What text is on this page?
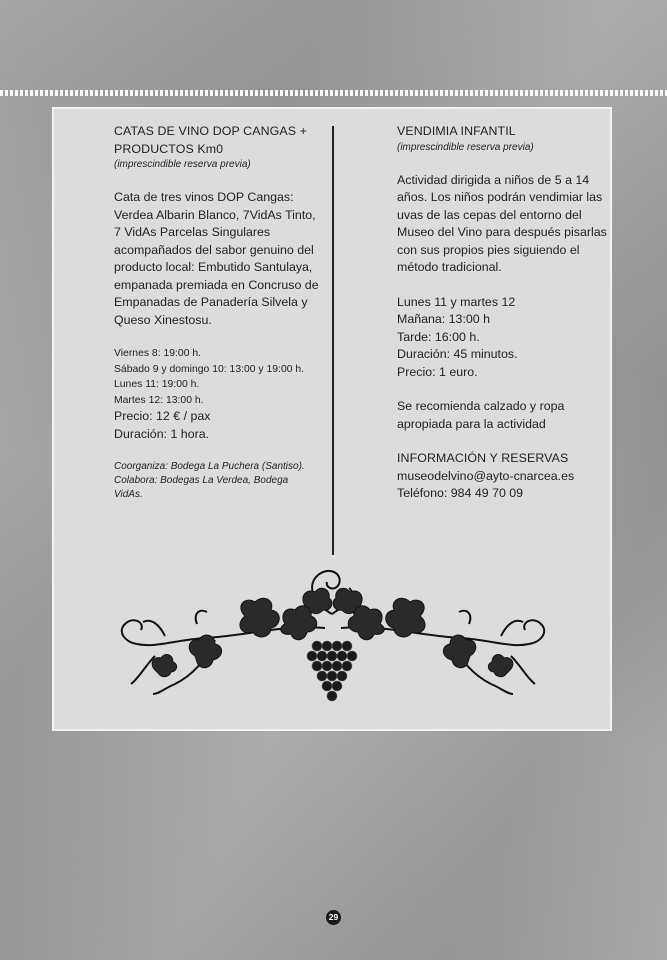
CATAS DE VINO DOP CANGAS +

PRODUCTOS Km0

(imprescindible reserva previa)

Cata de tres vinos DOP Cangas: Verdea Albarin Blanco, 7VidAs Tinto, 7 VidAs Parcelas Singulares acompañados del sabor genuino del producto local: Embutido Santulaya, empanada premiada en Concruso de Empanadas de Panadería Silvela y Queso Xinestosu.

Viernes 8: 19:00 h.

Sábado 9 y domingo 10: 13:00 y 19:00 h.

Lunes 11: 19:00 h.

Martes 12: 13:00 h.

Precio: 12 € / pax

Duración: 1 hora.

Coorganiza: Bodega La Puchera (Santiso).

Colabora: Bodegas La Verdea, Bodega VidAs.

VENDIMIA INFANTIL

(imprescindible reserva previa)

Actividad dirigida a niños de 5 a 14 años. Los niños podrán vendimiar las uvas de las cepas del entorno del Museo del Vino para después pisarlas con sus propios pies siguiendo el método tradicional.

Lunes 11 y martes 12

Mañana: 13:00 h

Tarde: 16:00 h.

Duración: 45 minutos.

Precio: 1 euro.

Se recomienda calzado y ropa apropiada para la actividad

INFORMACIÓN Y RESERVAS

museodelvino@ayto-cnarcea.es

Teléfono: 984 49 70 09

29
